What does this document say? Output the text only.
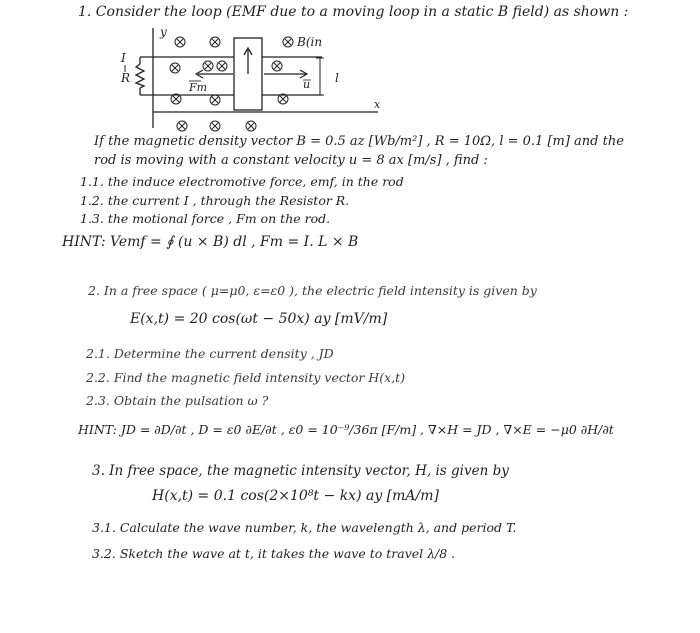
y
x
R
I
Fm	u l
B(in
1. Consider the loop (EMF due to a moving loop in a static B field) as shown :
If the magnetic density vector B = 0.5 az [Wb/m²] , R = 10Ω, l = 0.1 [m] and the
rod is moving with a constant velocity u = 8 ax [m/s] , find :
1.1. the induce electromotive force, emf, in the rod
1.2. the current I , through the Resistor R.
1.3. the motional force , Fm on the rod.
HINT: Vemf = ∮ (u × B) dl , Fm = I. L × B
2. In a free space ( μ=μ0, ε=ε0 ), the electric field intensity is given by
E(x,t) = 20 cos(ωt − 50x) ay [mV/m]
2.1. Determine the current density , JD
2.2. Find the magnetic field intensity vector H(x,t)
2.3. Obtain the pulsation ω ?
HINT: JD = ∂D/∂t , D = ε0 ∂E/∂t , ε0 = 10⁻⁹/36π [F/m] , ∇×H = JD , ∇×E = −μ0 ∂H/∂t
3. In free space, the magnetic intensity vector, H, is given by
H(x,t) = 0.1 cos(2×10⁸t − kx) ay [mA/m]
3.1. Calculate the wave number, k, the wavelength λ, and period T.
3.2. Sketch the wave at t, it takes the wave to travel λ/8 .
